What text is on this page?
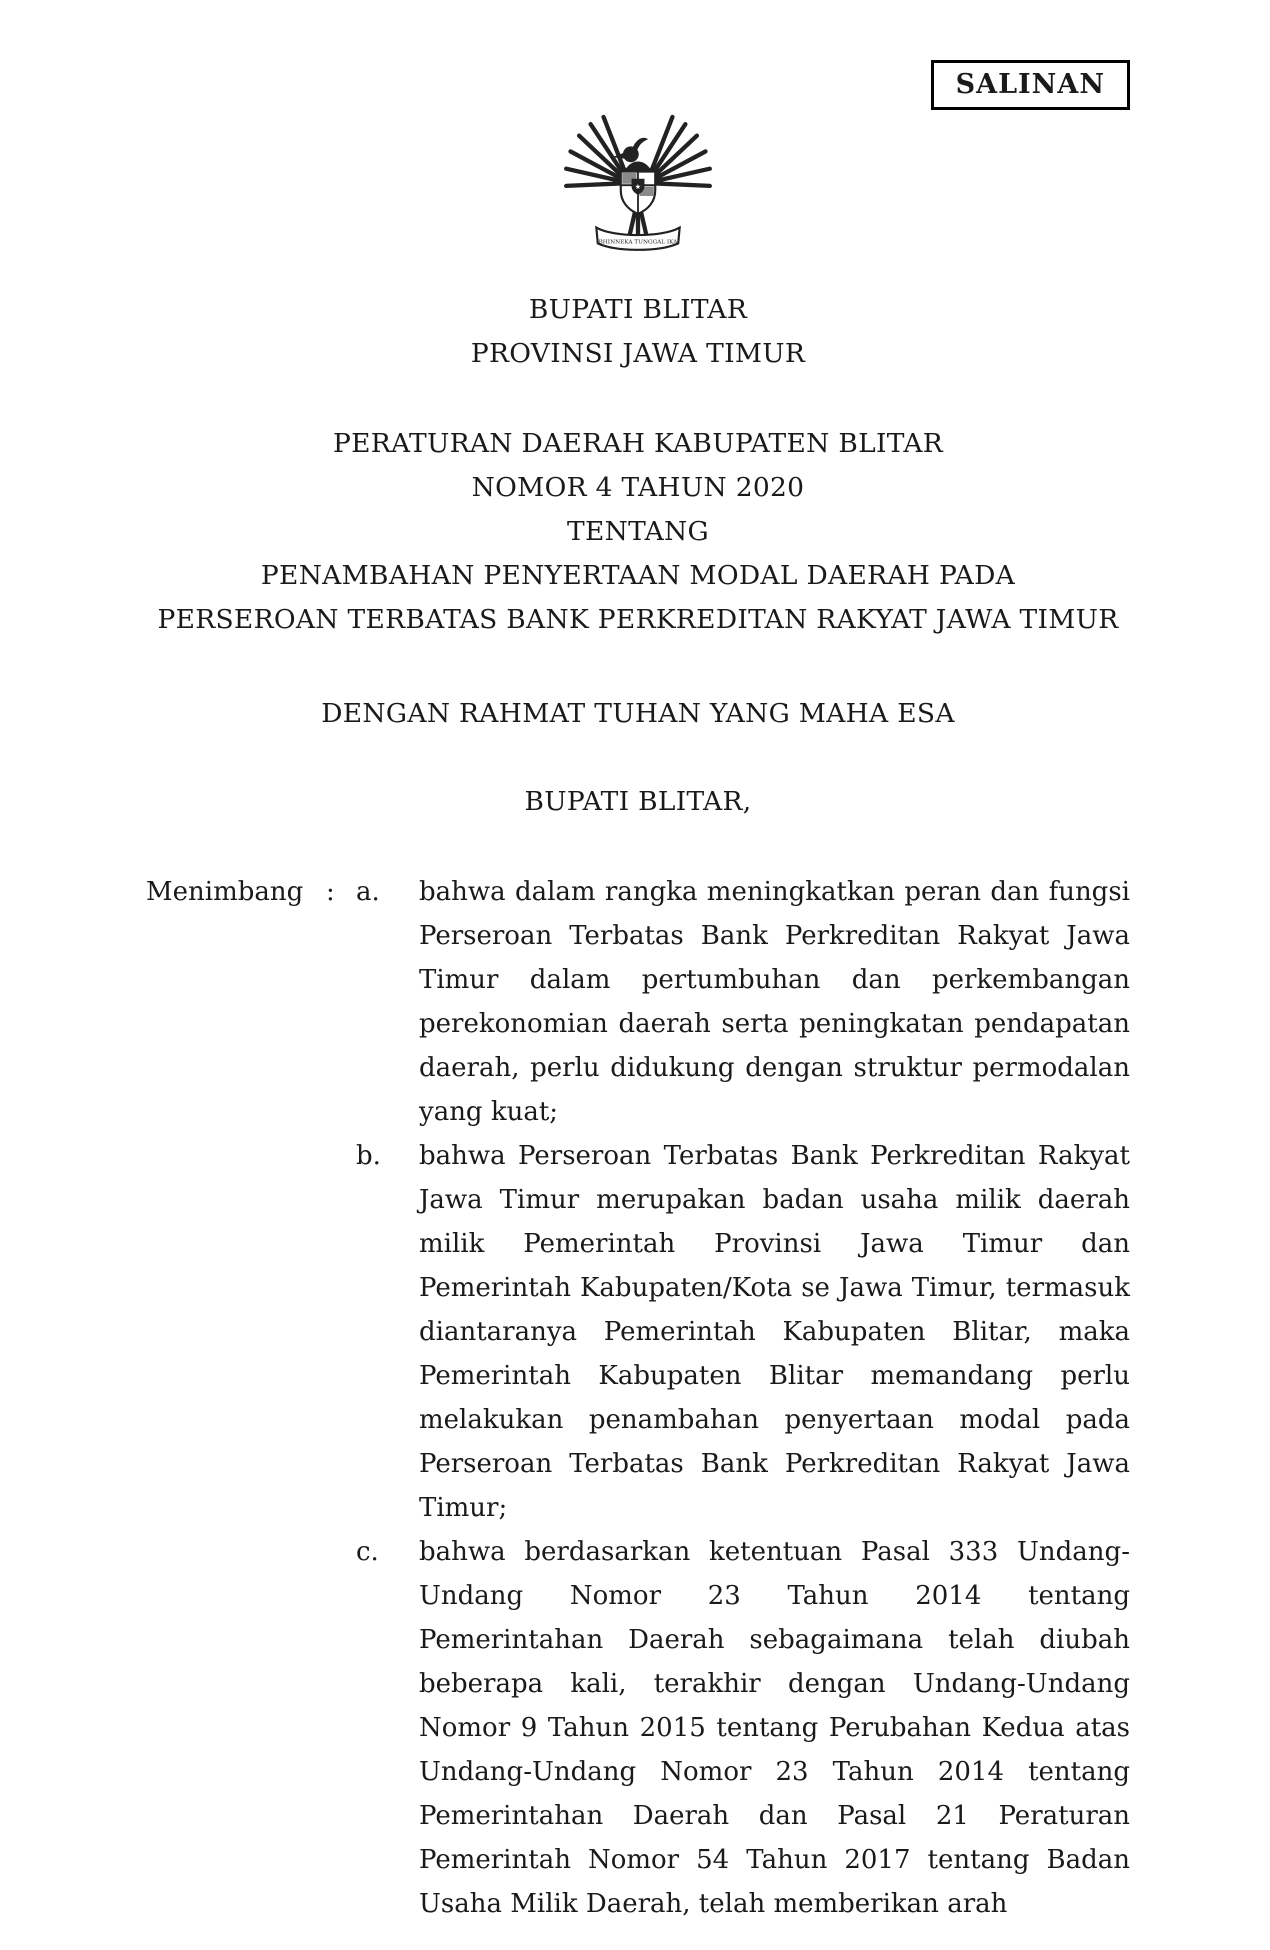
SALINAN
★
BHINNEKA TUNGGAL IKA
BUPATI BLITAR
PROVINSI JAWA TIMUR
PERATURAN DAERAH KABUPATEN BLITAR
NOMOR 4 TAHUN 2020
TENTANG
PENAMBAHAN PENYERTAAN MODAL DAERAH PADA
PERSEROAN TERBATAS BANK PERKREDITAN RAKYAT JAWA TIMUR
DENGAN RAHMAT TUHAN YANG MAHA ESA
BUPATI BLITAR,
Menimbang : a.	bahwa dalam rangka meningkatkan peran dan fungsi Perseroan Terbatas Bank Perkreditan Rakyat Jawa Timur dalam pertumbuhan dan perkembangan perekonomian daerah serta peningkatan pendapatan daerah, perlu didukung dengan struktur permodalan yang kuat;
b.	bahwa Perseroan Terbatas Bank Perkreditan Rakyat Jawa Timur merupakan badan usaha milik daerah milik Pemerintah Provinsi Jawa Timur dan Pemerintah Kabupaten/Kota se Jawa Timur, termasuk diantaranya Pemerintah Kabupaten Blitar, maka Pemerintah Kabupaten Blitar memandang perlu melakukan penambahan penyertaan modal pada Perseroan Terbatas Bank Perkreditan Rakyat Jawa Timur;
c.	bahwa berdasarkan ketentuan Pasal 333 Undang-Undang Nomor 23 Tahun 2014 tentang Pemerintahan Daerah sebagaimana telah diubah beberapa kali, terakhir dengan Undang-Undang Nomor 9 Tahun 2015 tentang Perubahan Kedua atas Undang-Undang Nomor 23 Tahun 2014 tentang Pemerintahan Daerah dan Pasal 21 Peraturan Pemerintah Nomor 54 Tahun 2017 tentang Badan Usaha Milik Daerah, telah memberikan arah
